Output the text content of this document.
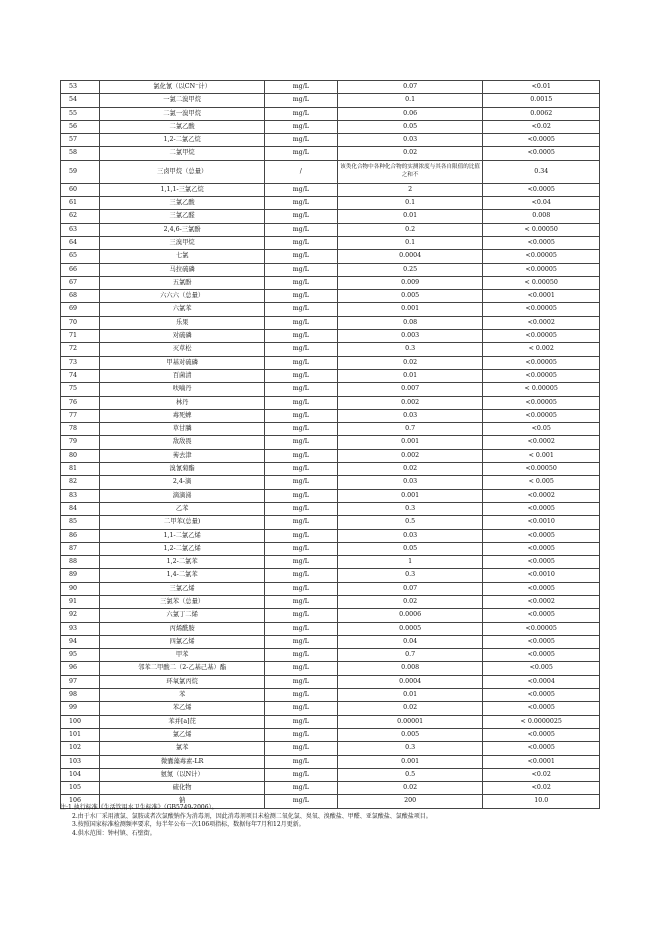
53	氯化氰（以CN⁻计）	mg/L	0.07	<0.01
54	一氯二溴甲烷	mg/L	0.1	0.0015
55	二氯一溴甲烷	mg/L	0.06	0.0062
56	二氯乙酸	mg/L	0.05	<0.02
57	1,2-二氯乙烷	mg/L	0.03	<0.0005
58	二氯甲烷	mg/L	0.02	<0.0005
59	三卤甲烷（总量）	/	该类化合物中各种化合物的实测浓度与其各自限值的比值之和不	0.34
60	1,1,1-三氯乙烷	mg/L	2	<0.0005
61	三氯乙酸	mg/L	0.1	<0.04
62	三氯乙醛	mg/L	0.01	0.008
63	2,4,6-三氯酚	mg/L	0.2	< 0.00050
64	三溴甲烷	mg/L	0.1	<0.0005
65	七氯	mg/L	0.0004	<0.00005
66	马拉硫磷	mg/L	0.25	<0.00005
67	五氯酚	mg/L	0.009	< 0.00050
68	六六六（总量）	mg/L	0.005	<0.0001
69	六氯苯	mg/L	0.001	<0.00005
70	乐果	mg/L	0.08	<0.0002
71	对硫磷	mg/L	0.003	<0.00005
72	灭草松	mg/L	0.3	< 0.002
73	甲基对硫磷	mg/L	0.02	<0.00005
74	百菌清	mg/L	0.01	<0.00005
75	呋喃丹	mg/L	0.007	< 0.00005
76	林丹	mg/L	0.002	<0.00005
77	毒死蜱	mg/L	0.03	<0.00005
78	草甘膦	mg/L	0.7	<0.05
79	敌敌畏	mg/L	0.001	<0.0002
80	莠去津	mg/L	0.002	< 0.001
81	溴氰菊酯	mg/L	0.02	<0.00050
82	2,4-滴	mg/L	0.03	< 0.005
83	滴滴涕	mg/L	0.001	<0.0002
84	乙苯	mg/L	0.3	<0.0005
85	二甲苯(总量)	mg/L	0.5	<0.0010
86	1,1-二氯乙烯	mg/L	0.03	<0.0005
87	1,2-二氯乙烯	mg/L	0.05	<0.0005
88	1,2-二氯苯	mg/L	1	<0.0005
89	1,4-二氯苯	mg/L	0.3	<0.0010
90	三氯乙烯	mg/L	0.07	<0.0005
91	三氯苯（总量）	mg/L	0.02	<0.0002
92	六氯丁二烯	mg/L	0.0006	<0.0005
93	丙烯酰胺	mg/L	0.0005	<0.00005
94	四氯乙烯	mg/L	0.04	<0.0005
95	甲苯	mg/L	0.7	<0.0005
96	邻苯二甲酸二（2-乙基己基）酯	mg/L	0.008	<0.005
97	环氧氯丙烷	mg/L	0.0004	<0.0004
98	苯	mg/L	0.01	<0.0005
99	苯乙烯	mg/L	0.02	<0.0005
100	苯并[a]芘	mg/L	0.00001	< 0.0000025
101	氯乙烯	mg/L	0.005	<0.0005
102	氯苯	mg/L	0.3	<0.0005
103	微囊藻毒素-LR	mg/L	0.001	<0.0001
104	氨氮（以N计）	mg/L	0.5	<0.02
105	硫化物	mg/L	0.02	<0.02
106	钠	mg/L	200	10.0
注:1.执行标准《生活饮用水卫生标准》（GB5749-2006）。
2.由于水厂采用液氯、氯胺或者次氯酸钠作为消毒剂，因此消毒剂项目未检测二氧化氯、臭氧、溴酸盐、甲醛、亚氯酸盐、氯酸盐项目。
3.按照国家标准检测频率要求，每半年公布一次106项指标，数据每年7月和12月更新。
4.供水范围：钟村镇、石壁街。
